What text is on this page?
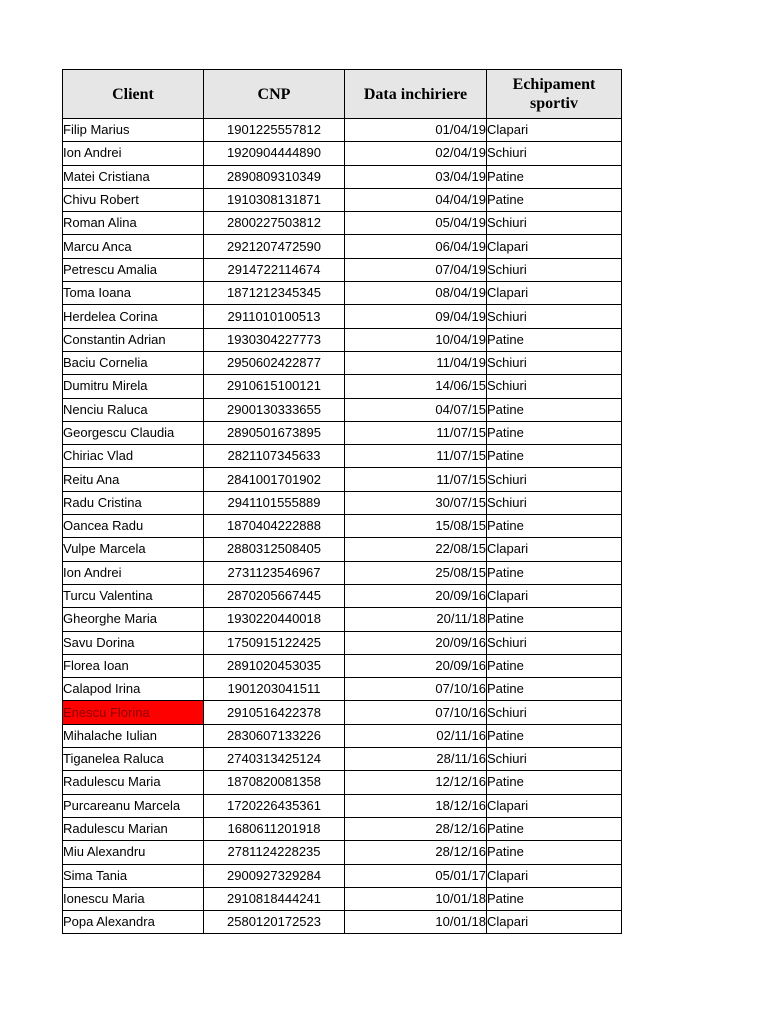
Client	CNP	Data inchiriere	Echipament sportiv
Filip Marius	1901225557812	01/04/19	Clapari
Ion Andrei	1920904444890	02/04/19	Schiuri
Matei Cristiana	2890809310349	03/04/19	Patine
Chivu Robert	1910308131871	04/04/19	Patine
Roman Alina	2800227503812	05/04/19	Schiuri
Marcu Anca	2921207472590	06/04/19	Clapari
Petrescu Amalia	2914722114674	07/04/19	Schiuri
Toma Ioana	1871212345345	08/04/19	Clapari
Herdelea Corina	2911010100513	09/04/19	Schiuri
Constantin Adrian	1930304227773	10/04/19	Patine
Baciu Cornelia	2950602422877	11/04/19	Schiuri
Dumitru Mirela	2910615100121	14/06/15	Schiuri
Nenciu Raluca	2900130333655	04/07/15	Patine
Georgescu Claudia	2890501673895	11/07/15	Patine
Chiriac Vlad	2821107345633	11/07/15	Patine
Reitu Ana	2841001701902	11/07/15	Schiuri
Radu Cristina	2941101555889	30/07/15	Schiuri
Oancea Radu	1870404222888	15/08/15	Patine
Vulpe Marcela	2880312508405	22/08/15	Clapari
Ion Andrei	2731123546967	25/08/15	Patine
Turcu Valentina	2870205667445	20/09/16	Clapari
Gheorghe Maria	1930220440018	20/11/18	Patine
Savu Dorina	1750915122425	20/09/16	Schiuri
Florea Ioan	2891020453035	20/09/16	Patine
Calapod Irina	1901203041511	07/10/16	Patine
Enescu Florina	2910516422378	07/10/16	Schiuri
Mihalache Iulian	2830607133226	02/11/16	Patine
Tiganelea Raluca	2740313425124	28/11/16	Schiuri
Radulescu Maria	1870820081358	12/12/16	Patine
Purcareanu Marcela	1720226435361	18/12/16	Clapari
Radulescu Marian	1680611201918	28/12/16	Patine
Miu Alexandru	2781124228235	28/12/16	Patine
Sima Tania	2900927329284	05/01/17	Clapari
Ionescu Maria	2910818444241	10/01/18	Patine
Popa Alexandra	2580120172523	10/01/18	Clapari
